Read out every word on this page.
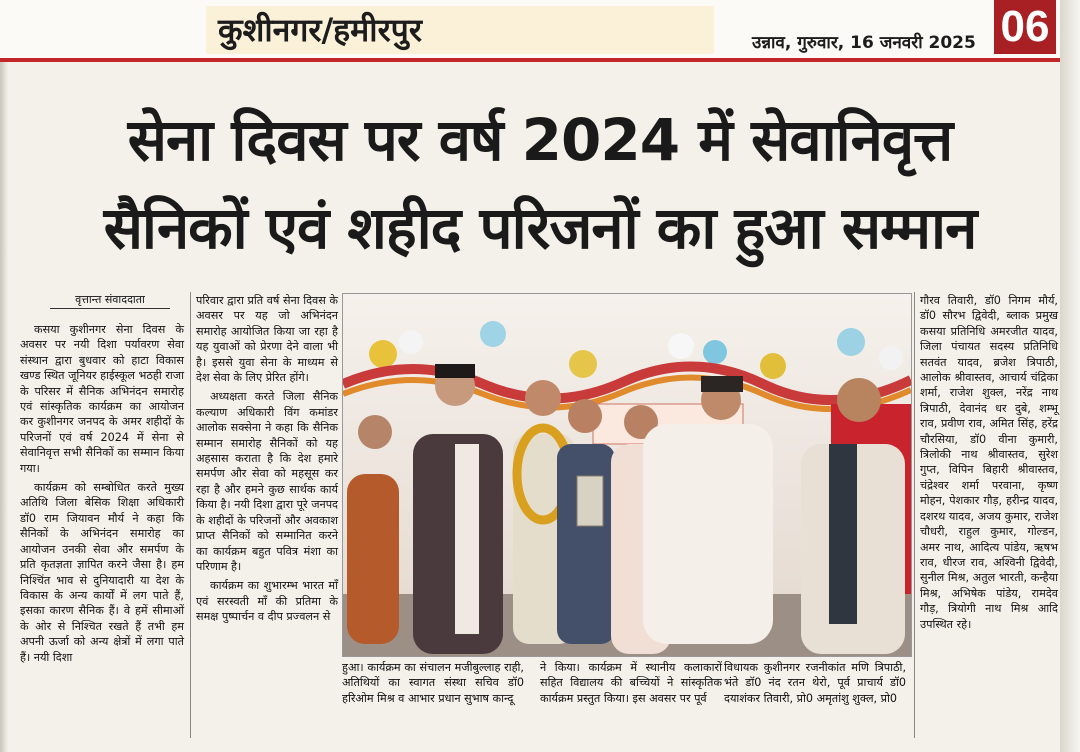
कुशीनगर/हमीरपुर	उन्नाव, गुरुवार, 16 जनवरी 2025 06
सेना दिवस पर वर्ष 2024 में सेवानिवृत्त
सैनिकों एवं शहीद परिजनों का हुआ सम्मान
वृत्तान्त संवाददाता

कसया कुशीनगर सेना दिवस के अवसर पर नयी दिशा पर्यावरण सेवा संस्थान द्वारा बुधवार को हाटा विकास खण्ड स्थित जूनियर हाईस्कूल भठही राजा के परिसर में सैनिक अभिनंदन समारोह एवं सांस्कृतिक कार्यक्रम का आयोजन कर कुशीनगर जनपद के अमर शहीदों के परिजनों एवं वर्ष 2024 में सेना से सेवानिवृत्त सभी सैनिकों का सम्मान किया गया।

कार्यक्रम को सम्बोधित करते मुख्य अतिथि जिला बेसिक शिक्षा अधिकारी डॉ0 राम जियावन मौर्य ने कहा कि सैनिकों के अभिनंदन समारोह का आयोजन उनकी सेवा और समर्पण के प्रति कृतज्ञता ज्ञापित करने जैसा है। हम निश्चिंत भाव से दुनियादारी या देश के विकास के अन्य कार्यों में लग पाते हैं, इसका कारण सैनिक हैं। वे हमें सीमाओं के ओर से निश्चित रखते हैं तभी हम अपनी ऊर्जा को अन्य क्षेत्रों में लगा पाते हैं। नयी दिशा

परिवार द्वारा प्रति वर्ष सेना दिवस के अवसर पर यह जो अभिनंदन समारोह आयोजित किया जा रहा है यह युवाओं को प्रेरणा देने वाला भी है। इससे युवा सेना के माध्यम से देश सेवा के लिए प्रेरित होंगे।

अध्यक्षता करते जिला सैनिक कल्याण अधिकारी विंग कमांडर आलोक सक्सेना ने कहा कि सैनिक सम्मान समारोह सैनिकों को यह अहसास कराता है कि देश हमारे समर्पण और सेवा को महसूस कर रहा है और हमने कुछ सार्थक कार्य किया है। नयी दिशा द्वारा पूरे जनपद के शहीदों के परिजनों और अवकाश प्राप्त सैनिकों को सम्मानित करने का कार्यक्रम बहुत पवित्र मंशा का परिणाम है।

कार्यक्रम का शुभारम्भ भारत माँ एवं सरस्वती माँ की प्रतिमा के समक्ष पुष्पार्चन व दीप प्रज्वलन से

गौरव तिवारी, डॉ0 निगम मौर्य, डॉ0 सौरभ द्विवेदी, ब्लाक प्रमुख कसया प्रतिनिधि अमरजीत यादव, जिला पंचायत सदस्य प्रतिनिधि सतवंत यादव, ब्रजेश त्रिपाठी, आलोक श्रीवास्तव, आचार्य चंद्रिका शर्मा, राजेश शुक्ल, नरेंद्र नाथ त्रिपाठी, देवानंद धर दुबे, शम्भू राव, प्रवीण राव, अमित सिंह, हरेंद्र चौरसिया, डॉ0 वीना कुमारी, त्रिलोकी नाथ श्रीवास्तव, सुरेश गुप्त, विपिन बिहारी श्रीवास्तव, चंद्रेश्वर शर्मा परवाना, कृष्ण मोहन, पेशकार गौड़, हरीन्द्र यादव, दशरथ यादव, अजय कुमार, राजेश चौधरी, राहुल कुमार, गोल्डन, अमर नाथ, आदित्य पांडेय, ऋषभ राव, धीरज राव, अश्विनी द्विवेदी, सुनील मिश्र, अतुल भारती, कन्हैया मिश्र, अभिषेक पांडेय, रामदेव गौड़, त्रियोगी नाथ मिश्र आदि उपस्थित रहे।

हुआ। कार्यक्रम का संचालन मजीबुल्लाह राही, अतिथियों का स्वागत संस्था सचिव डॉ0 हरिओम मिश्र व आभार प्रधान सुभाष कान्दू
ने किया। कार्यक्रम में स्थानीय कलाकारों सहित विद्यालय की बच्चियों ने सांस्कृतिक कार्यक्रम प्रस्तुत किया। इस अवसर पर पूर्व
विधायक कुशीनगर रजनीकांत मणि त्रिपाठी, भंते डॉ0 नंद रतन थेरो, पूर्व प्राचार्य डॉ0 दयाशंकर तिवारी, प्रो0 अमृतांशु शुक्ल, प्रो0
